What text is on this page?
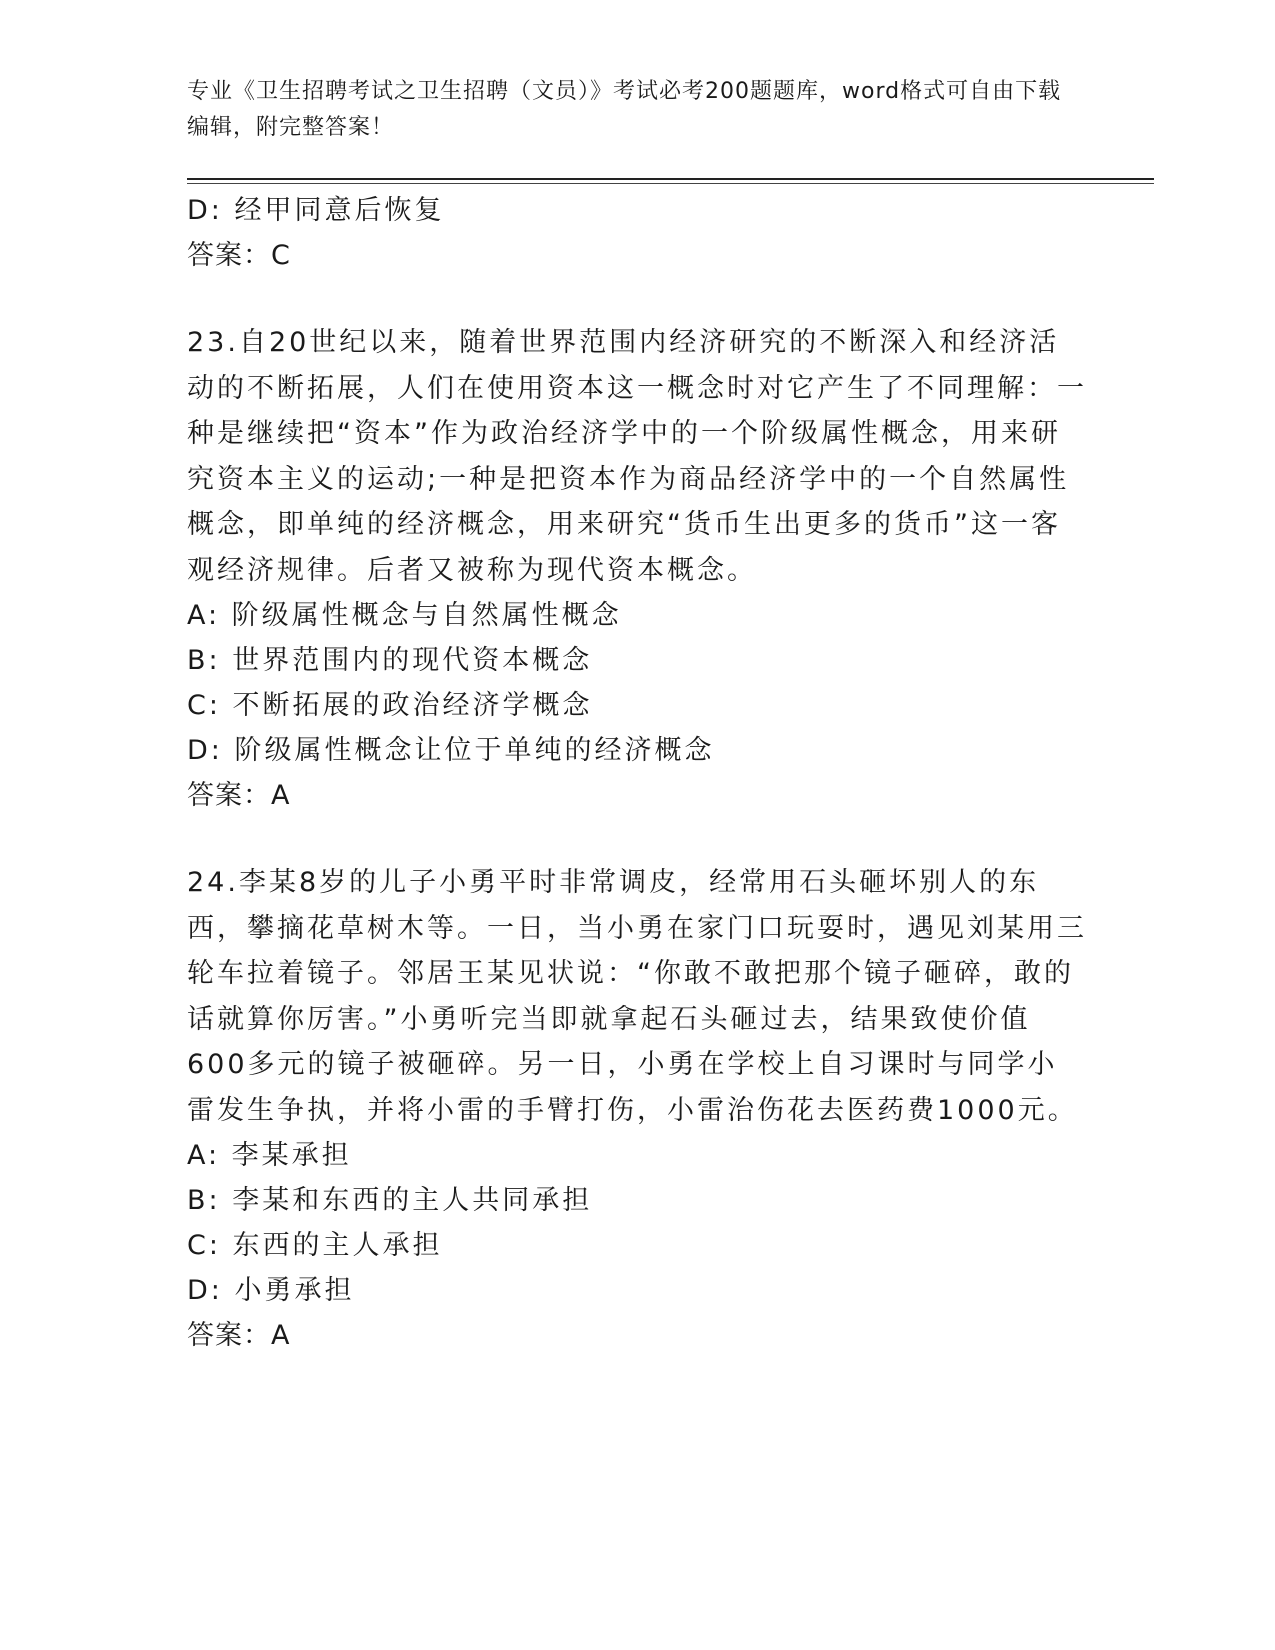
专业《卫生招聘考试之卫生招聘（文员）》考试必考200题题库，word格式可自由下载编辑，附完整答案！
D: 经甲同意后恢复
答案：C
23.自20世纪以来，随着世界范围内经济研究的不断深入和经济活动的不断拓展，人们在使用资本这一概念时对它产生了不同理解：一种是继续把“资本”作为政治经济学中的一个阶级属性概念，用来研究资本主义的运动;一种是把资本作为商品经济学中的一个自然属性概念，即单纯的经济概念，用来研究“货币生出更多的货币”这一客观经济规律。后者又被称为现代资本概念。
A: 阶级属性概念与自然属性概念
B: 世界范围内的现代资本概念
C: 不断拓展的政治经济学概念
D: 阶级属性概念让位于单纯的经济概念
答案：A
24.李某8岁的儿子小勇平时非常调皮，经常用石头砸坏别人的东西，攀摘花草树木等。一日，当小勇在家门口玩耍时，遇见刘某用三轮车拉着镜子。邻居王某见状说：“你敢不敢把那个镜子砸碎，敢的话就算你厉害。”小勇听完当即就拿起石头砸过去，结果致使价值600多元的镜子被砸碎。另一日，小勇在学校上自习课时与同学小雷发生争执，并将小雷的手臂打伤，小雷治伤花去医药费1000元。
A: 李某承担
B: 李某和东西的主人共同承担
C: 东西的主人承担
D: 小勇承担
答案：A
